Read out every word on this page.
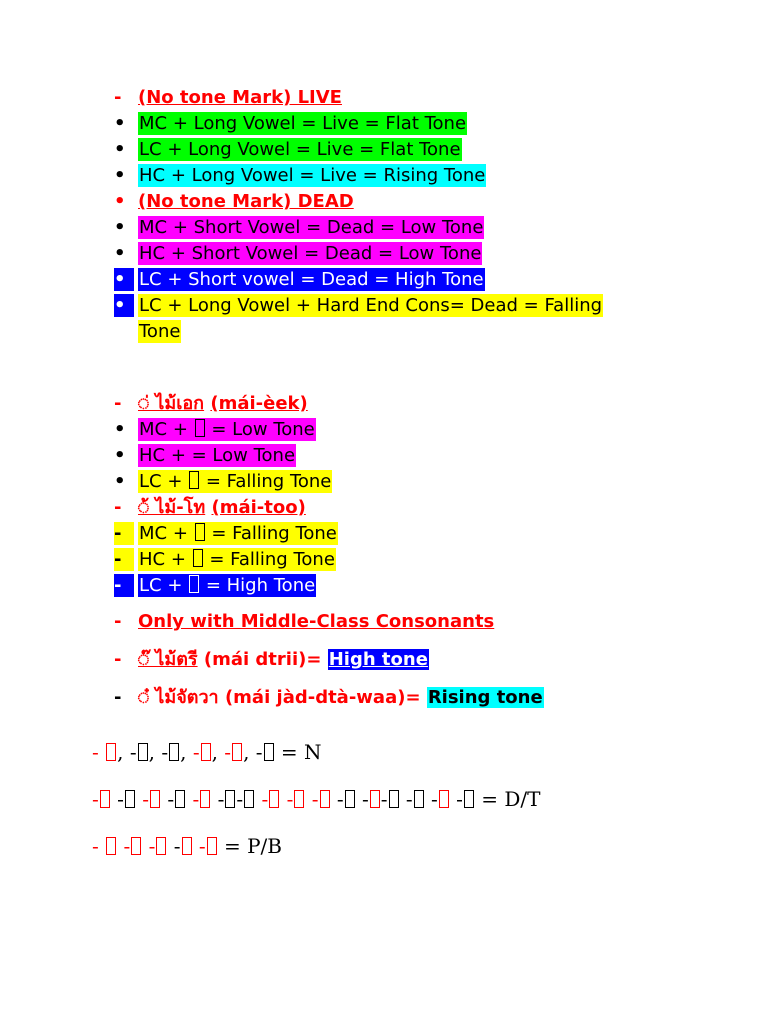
- (No tone Mark) LIVE
• MC + Long Vowel = Live = Flat Tone
• LC + Long Vowel = Live = Flat Tone
• HC + Long Vowel = Live = Rising Tone
• (No tone Mark) DEAD
• MC + Short Vowel = Dead = Low Tone
• HC + Short Vowel = Dead = Low Tone
• LC + Short vowel = Dead = High Tone
• LC + Long Vowel + Hard End Cons= Dead = Falling
Tone
- ◌่ ไม้เอก (mái-èek)
• MC +  = Low Tone
• HC + = Low Tone
• LC +  = Falling Tone
- ◌้ ไม้-โท (mái-too)
- MC +  = Falling Tone
- HC +  = Falling Tone
- LC +  = High Tone
- Only with Middle-Class Consonants
- ◌๊ ไม้ตรี (mái dtrii)= High tone
- ◌๋ ไม้จัตวา (mái jàd-dtà-waa)= Rising tone
- , - , - , - , - , - = N
- - - - - - - - - - - - - - - - = D/T
-  - - - - = P/B
